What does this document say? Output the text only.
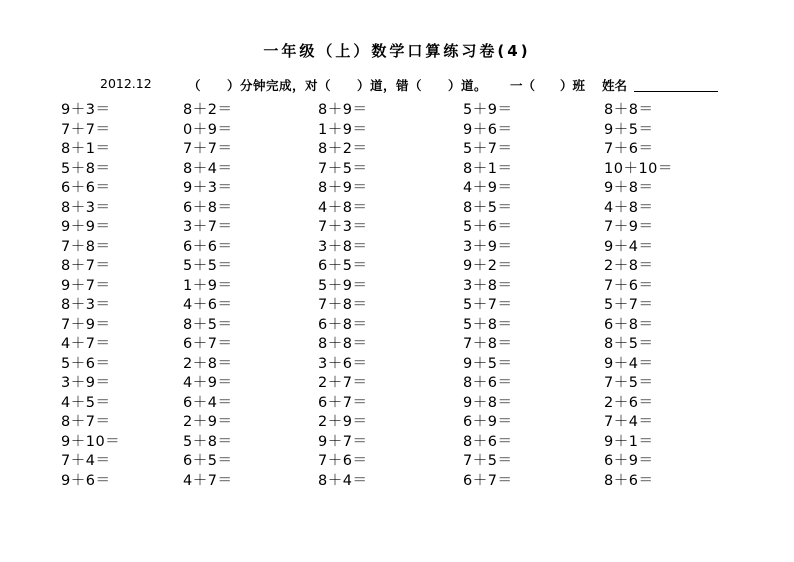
一年级（上）数学口算练习卷(4)
2012.12	（　　）分钟完成，对（　　）道，错（　　）道。 一（　　）班 姓名
9＋3＝
7＋7＝
8＋1＝
5＋8＝
6＋6＝
8＋3＝
9＋9＝
7＋8＝
8＋7＝
9＋7＝
8＋3＝
7＋9＝
4＋7＝
5＋6＝
3＋9＝
4＋5＝
8＋7＝
9＋10＝
7＋4＝
9＋6＝
8＋2＝
0＋9＝
7＋7＝
8＋4＝
9＋3＝
6＋8＝
3＋7＝
6＋6＝
5＋5＝
1＋9＝
4＋6＝
8＋5＝
6＋7＝
2＋8＝
4＋9＝
6＋4＝
2＋9＝
5＋8＝
6＋5＝
4＋7＝
8＋9＝
1＋9＝
8＋2＝
7＋5＝
8＋9＝
4＋8＝
7＋3＝
3＋8＝
6＋5＝
5＋9＝
7＋8＝
6＋8＝
8＋8＝
3＋6＝
2＋7＝
6＋7＝
2＋9＝
9＋7＝
7＋6＝
8＋4＝
5＋9＝
9＋6＝
5＋7＝
8＋1＝
4＋9＝
8＋5＝
5＋6＝
3＋9＝
9＋2＝
3＋8＝
5＋7＝
5＋8＝
7＋8＝
9＋5＝
8＋6＝
9＋8＝
6＋9＝
8＋6＝
7＋5＝
6＋7＝
8＋8＝
9＋5＝
7＋6＝
10＋10＝
9＋8＝
4＋8＝
7＋9＝
9＋4＝
2＋8＝
7＋6＝
5＋7＝
6＋8＝
8＋5＝
9＋4＝
7＋5＝
2＋6＝
7＋4＝
9＋1＝
6＋9＝
8＋6＝
